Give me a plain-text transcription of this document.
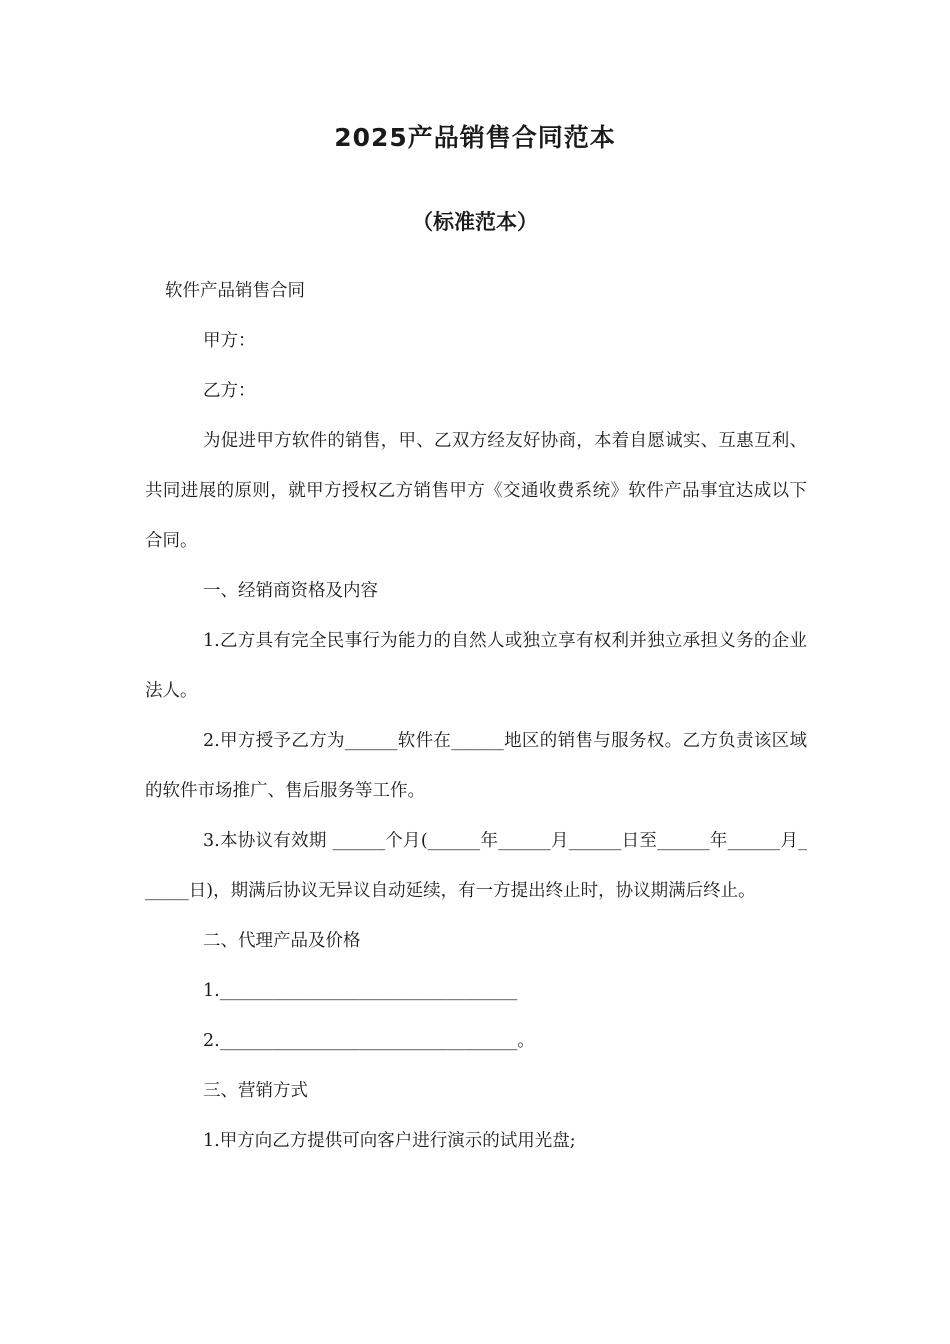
2025产品销售合同范本
（标准范本）

软件产品销售合同

甲方：

乙方：

为促进甲方软件的销售，甲、乙双方经友好协商，本着自愿诚实、互惠互利、共同进展的原则，就甲方授权乙方销售甲方《交通收费系统》软件产品事宜达成以下合同。

一、经销商资格及内容

1.乙方具有完全民事行为能力的自然人或独立享有权利并独立承担义务的企业法人。

2.甲方授予乙方为______软件在______地区的销售与服务权。乙方负责该区域的软件市场推广、售后服务等工作。

3.本协议有效期 ______个月(______年______月______日至______年______月______日)，期满后协议无异议自动延续，有一方提出终止时，协议期满后终止。

二、代理产品及价格

1.__________________________________

2.__________________________________。

三、营销方式

1.甲方向乙方提供可向客户进行演示的试用光盘;
